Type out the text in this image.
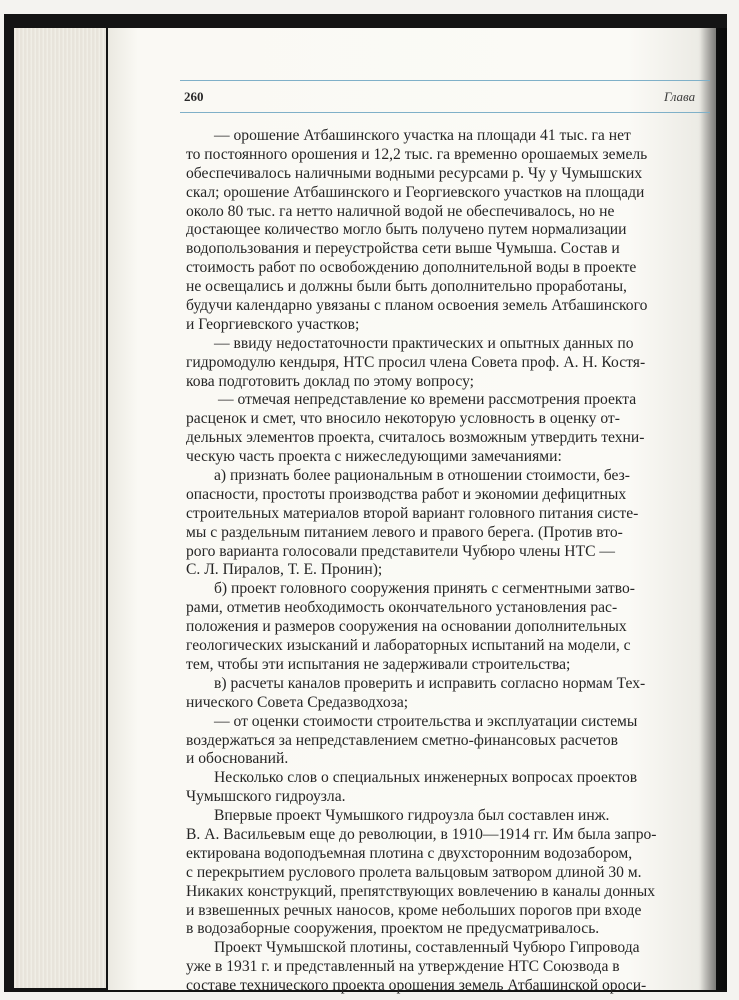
260	Глава
— орошение Атбашинского участка на площади 41 тыс. га нет
то постоянного орошения и 12,2 тыс. га временно орошаемых земель
обеспечивалось наличными водными ресурсами р. Чу у Чумышских
скал; орошение Атбашинского и Георгиевского участков на площади
около 80 тыс. га нетто наличной водой не обеспечивалось, но не
достающее количество могло быть получено путем нормализации
водопользования и переустройства сети выше Чумыша. Состав и
стоимость работ по освобождению дополнительной воды в проекте
не освещались и должны были быть дополнительно проработаны,
будучи календарно увязаны с планом освоения земель Атбашинского
и Георгиевского участков;
— ввиду недостаточности практических и опытных данных по
гидромодулю кендыря, НТС просил члена Совета проф. А. Н. Костя-
кова подготовить доклад по этому вопросу;
— отмечая непредставление ко времени рассмотрения проекта
расценок и смет, что вносило некоторую условность в оценку от-
дельных элементов проекта, считалось возможным утвердить техни-
ческую часть проекта с нижеследующими замечаниями:
а) признать более рациональным в отношении стоимости, без-
опасности, простоты производства работ и экономии дефицитных
строительных материалов второй вариант головного питания систе-
мы с раздельным питанием левого и правого берега. (Против вто-
рого варианта голосовали представители Чубюро члены НТС —
С. Л. Пиралов, Т. Е. Пронин);
б) проект головного сооружения принять с сегментными затво-
рами, отметив необходимость окончательного установления рас-
положения и размеров сооружения на основании дополнительных
геологических изысканий и лабораторных испытаний на модели, с
тем, чтобы эти испытания не задерживали строительства;
в) расчеты каналов проверить и исправить согласно нормам Тех-
нического Совета Средазводхоза;
— от оценки стоимости строительства и эксплуатации системы
воздержаться за непредставлением сметно-финансовых расчетов
и обоснований.
Несколько слов о специальных инженерных вопросах проектов
Чумышского гидроузла.
Впервые проект Чумышкого гидроузла был составлен инж.
В. А. Васильевым еще до революции, в 1910—1914 гг. Им была запро-
ектирована водоподъемная плотина с двухсторонним водозабором,
с перекрытием руслового пролета вальцовым затвором длиной 30 м.
Никаких конструкций, препятствующих вовлечению в каналы донных
и взвешенных речных наносов, кроме небольших порогов при входе
в водозаборные сооружения, проектом не предусматривалось.
Проект Чумышской плотины, составленный Чубюро Гипровода
уже в 1931 г. и представленный на утверждение НТС Союзвода в
составе технического проекта орошения земель Атбашинской ороси-
